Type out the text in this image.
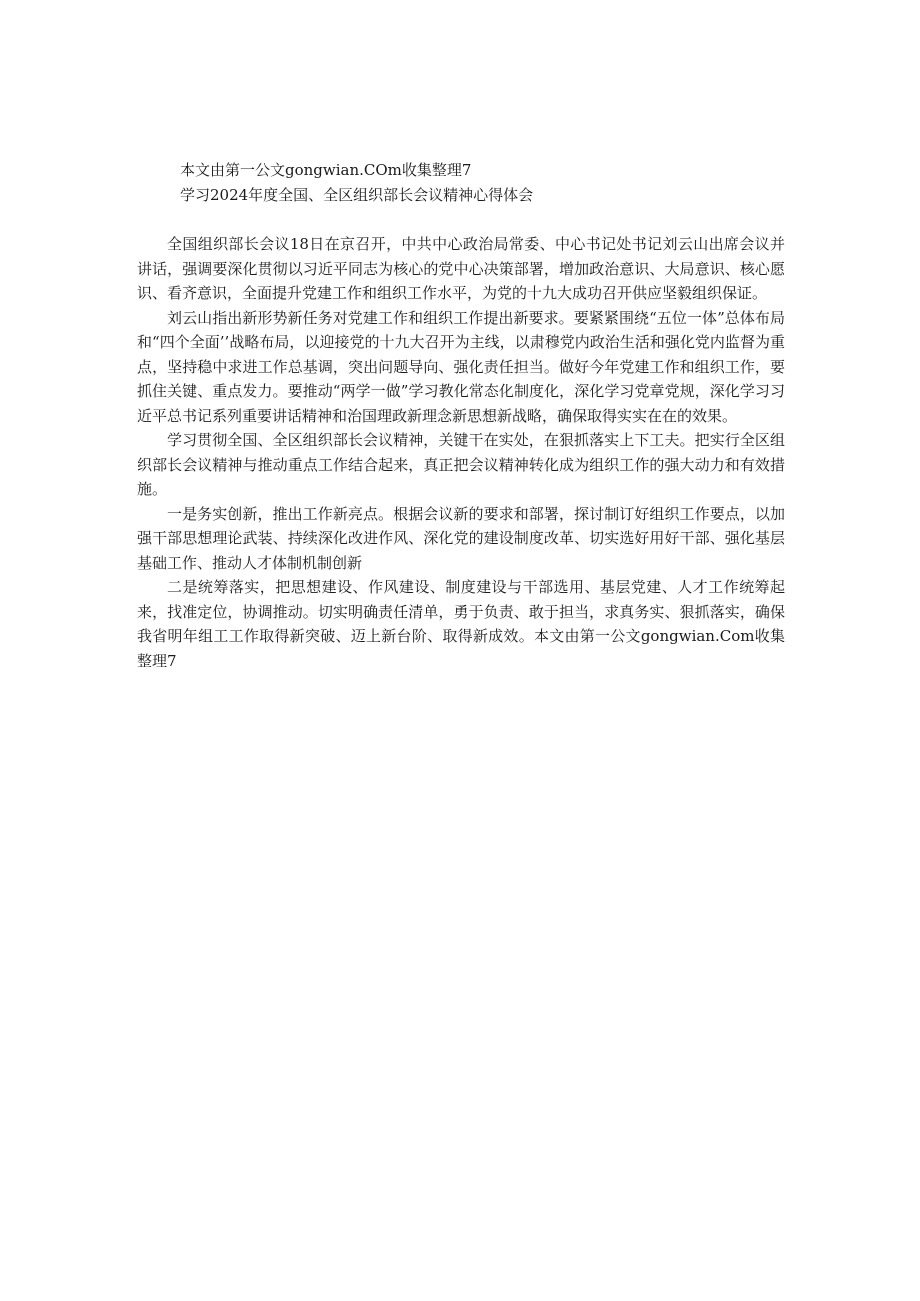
本文由第一公文gongwian.COm收集整理7
学习2024年度全国、全区组织部长会议精神心得体会

全国组织部长会议18日在京召开，中共中心政治局常委、中心书记处书记刘云山出席会议并讲话，强调要深化贯彻以习近平同志为核心的党中心决策部署，增加政治意识、大局意识、核心愿识、看齐意识，全面提升党建工作和组织工作水平，为党的十九大成功召开供应坚毅组织保证。

刘云山指出新形势新任务对党建工作和组织工作提出新要求。要紧紧围绕“五位一体”总体布局和“四个全面’’战略布局，以迎接党的十九大召开为主线，以肃穆党内政治生活和强化党内监督为重点，坚持稳中求进工作总基调，突出问题导向、强化责任担当。做好今年党建工作和组织工作，要抓住关键、重点发力。要推动“两学一做”学习教化常态化制度化，深化学习党章党规，深化学习习近平总书记系列重要讲话精神和治国理政新理念新思想新战略，确保取得实实在在的效果。

学习贯彻全国、全区组织部长会议精神，关键干在实处，在狠抓落实上下工夫。把实行全区组织部长会议精神与推动重点工作结合起来，真正把会议精神转化成为组织工作的强大动力和有效措施。

一是务实创新，推出工作新亮点。根据会议新的要求和部署，探讨制订好组织工作要点，以加强干部思想理论武装、持续深化改进作风、深化党的建设制度改革、切实选好用好干部、强化基层基础工作、推动人才体制机制创新

二是统筹落实，把思想建设、作风建设、制度建设与干部选用、基层党建、人才工作统筹起来，找准定位，协调推动。切实明确责任清单，勇于负责、敢于担当，求真务实、狠抓落实，确保我省明年组工工作取得新突破、迈上新台阶、取得新成效。本文由第一公文gongwian.Com收集整理7
